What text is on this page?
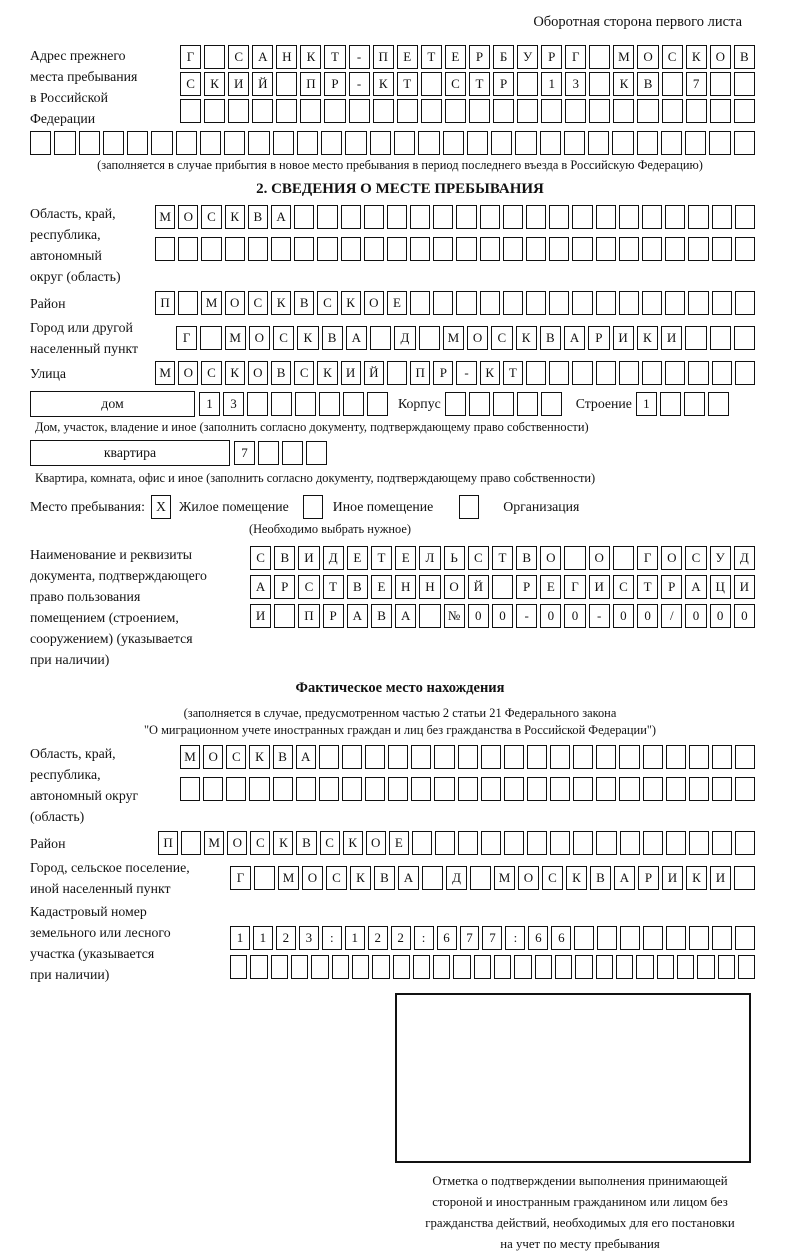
Оборотная сторона первого листа
Адрес прежнего
места пребывания
в Российской
Федерации
Г	С	А	Н	К	Т	-	П	Е	Т	Е	Р	Б	У	Р	Г	М	О	С	К	О	В
С	К	И	Й	П	Р	-	К	Т	С	Т	Р	1	3	К	В	7
(заполняется в случае прибытия в новое место пребывания в период последнего въезда в Российскую Федерацию)
2. СВЕДЕНИЯ О МЕСТЕ ПРЕБЫВАНИЯ
Область, край,
республика,
автономный
округ (область)
М О	С	К	В	А
Район	П	М О	С	К	В	С	К	О	Е
Город или другой
населенный пункт
Г	М	О	С	К	В	А	Д	М	О	С	К	В	А	Р	И	К	И
Улица	М О	С	К	О	В	С	К	И	Й	П	Р	-	К	Т
дом	1	3	Корпус	Строение 1
Дом, участок, владение и иное (заполнить согласно документу, подтверждающему право собственности)
квартира	7
Квартира, комната, офис и иное (заполнить согласно документу, подтверждающему право собственности)
Место пребывания: X Жилое помещение	Иное помещение	Организация
(Необходимо выбрать нужное)
Наименование и реквизиты
документа, подтверждающего
право пользования
помещением (строением,
сооружением) (указывается
при наличии)
С	В	И	Д	Е	Т	Е	Л	Ь	С	Т	В	О	О	Г	О	С	У	Д
А	Р	С	Т	В	Е	Н	Н	О	Й	Р	Е	Г	И	С	Т	Р	А	Ц	И
И	П	Р	А	В	А	№	0	0	-	0	0	-	0	0	/	0	0	0
Фактическое место нахождения
(заполняется в случае, предусмотренном частью 2 статьи 21 Федерального закона
"О миграционном учете иностранных граждан и лиц без гражданства в Российской Федерации")
Область, край,
республика,
автономный округ
(область)
М О	С	К	В	А
Район	П	М О	С	К	В	С	К	О	Е
Город, сельское поселение,
иной населенный пункт
Г	М	О	С	К	В	А	Д	М	О	С	К	В	А	Р	И	К	И
Кадастровый номер
земельного или лесного
участка (указывается
при наличии)
1	1	2	3	:	1	2	2	:	6	7	7	:	6	6
Отметка о подтверждении выполнения принимающей
стороной и иностранным гражданином или лицом без
гражданства действий, необходимых для его постановки
на учет по месту пребывания
